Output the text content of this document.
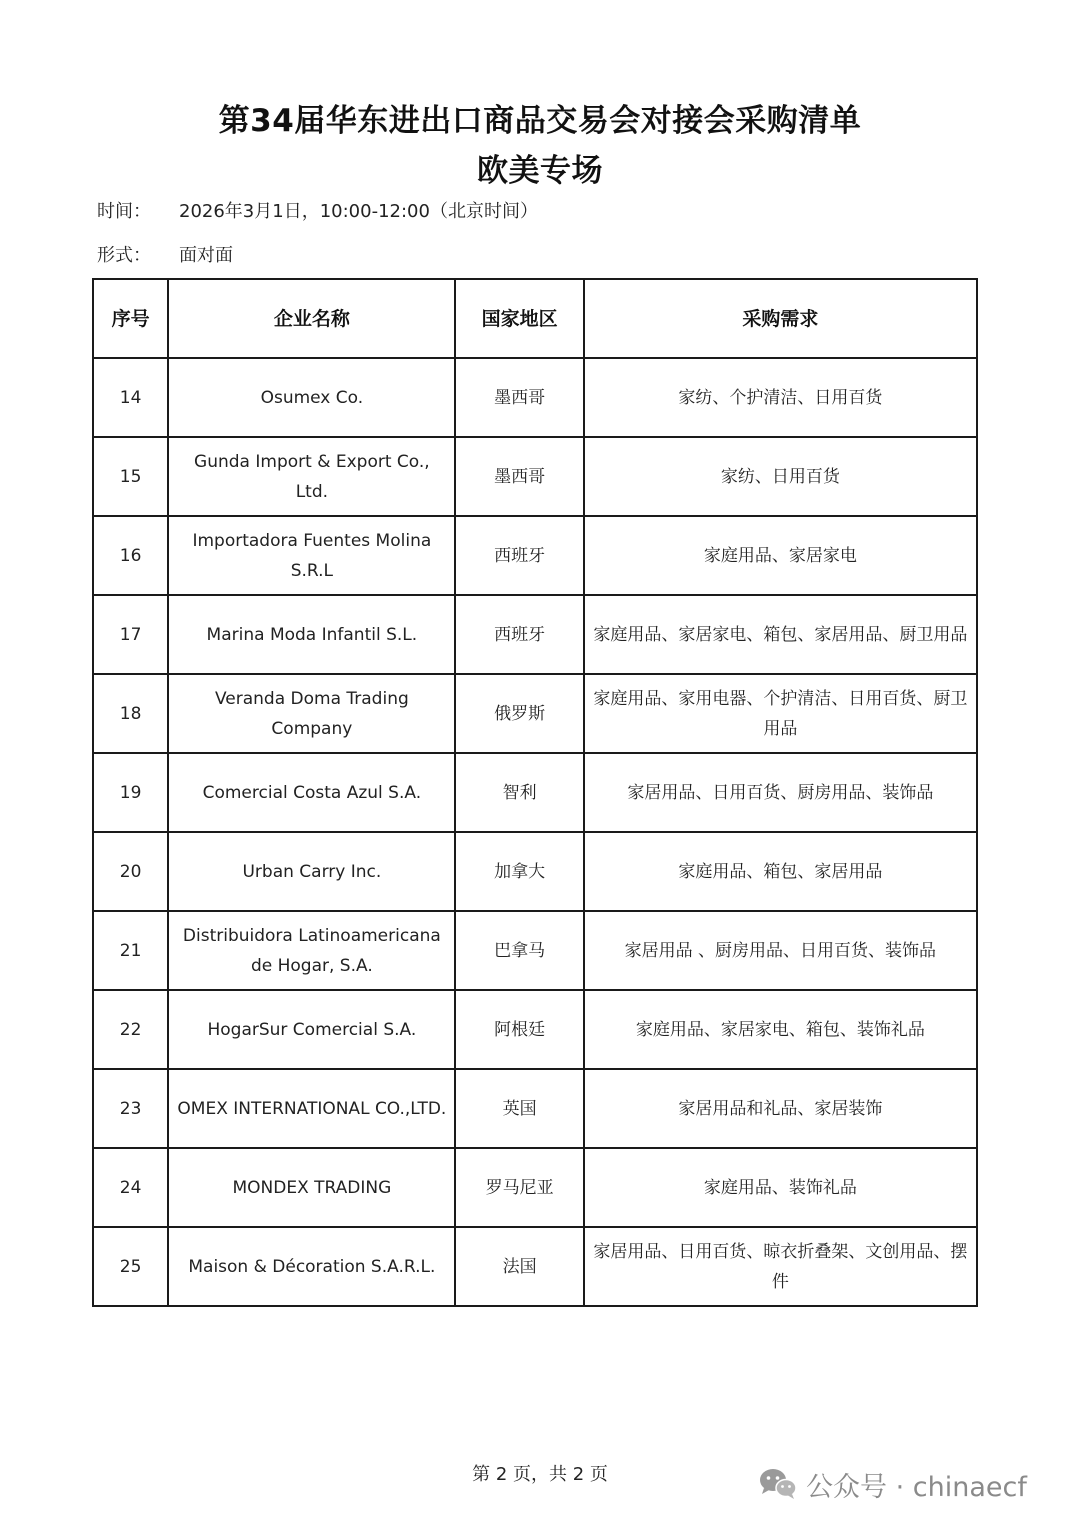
第34届华东进出口商品交易会对接会采购清单
欧美专场
时间： 2026年3月1日，10:00-12:00（北京时间）
形式： 面对面
序号	企业名称	国家地区	采购需求
14	Osumex Co.	墨西哥	家纺、个护清洁、日用百货
15	Gunda Import & Export Co., Ltd.	墨西哥	家纺、日用百货
16	Importadora Fuentes Molina S.R.L	西班牙	家庭用品、家居家电
17	Marina Moda Infantil S.L.	西班牙	家庭用品、家居家电、箱包、家居用品、厨卫用品
18	Veranda Doma Trading Company	俄罗斯	家庭用品、家用电器、个护清洁、日用百货、厨卫用品
19	Comercial Costa Azul S.A.	智利	家居用品、日用百货、厨房用品、装饰品
20	Urban Carry Inc.	加拿大	家庭用品、箱包、家居用品
21	Distribuidora Latinoamericana de Hogar, S.A.	巴拿马	家居用品 、厨房用品、日用百货、装饰品
22	HogarSur Comercial S.A.	阿根廷	家庭用品、家居家电、箱包、装饰礼品
23	OMEX INTERNATIONAL CO.,LTD.	英国	家居用品和礼品、家居装饰
24	MONDEX TRADING	罗马尼亚	家庭用品、装饰礼品
25	Maison & Décoration S.A.R.L.	法国	家居用品、日用百货、晾衣折叠架、文创用品、摆件
第 2 页，共 2 页	公众号 · chinaecf
